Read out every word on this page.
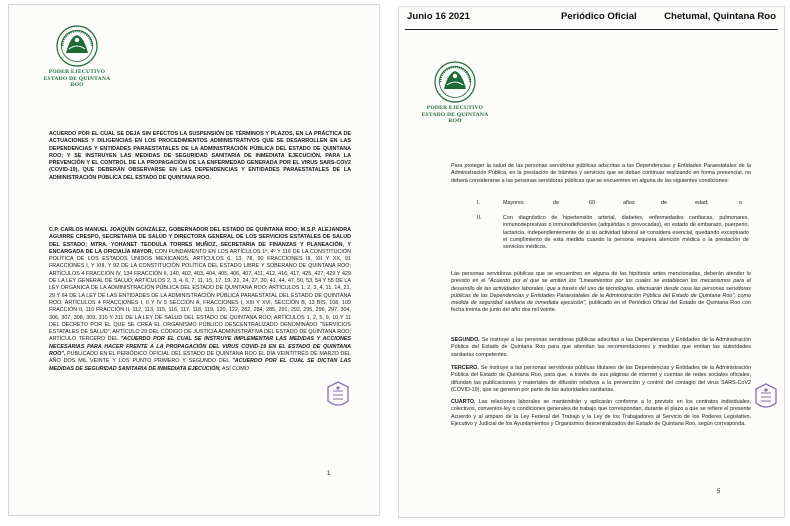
PODER EJECUTIVO
ESTADO DE QUINTANA ROO

ACUERDO POR EL CUAL SE DEJA SIN EFECTOS LA SUSPENSIÓN DE TÉRMINOS Y PLAZOS, EN LA PRÁCTICA DE ACTUACIONES Y DILIGENCIAS EN LOS PROCEDIMIENTOS ADMINISTRATIVOS QUE SE DESARROLLEN EN LAS DEPENDENCIAS Y ENTIDADES PARAESTATALES DE LA ADMINISTRACIÓN PÚBLICA DEL ESTADO DE QUINTANA ROO; Y SE INSTRUYEN LAS MEDIDAS DE SEGURIDAD SANITARIA DE INMEDIATA EJECUCIÓN, PARA LA PREVENCIÓN Y EL CONTROL DE LA PROPAGACIÓN DE LA ENFERMEDAD GENERADA POR EL VIRUS SARS-COV2 (COVID-19), QUE DEBERÁN OBSERVARSE EN LAS DEPENDENCIAS Y ENTIDADES PARAESTATALES DE LA ADMINISTRACIÓN PÚBLICA DEL ESTADO DE QUINTANA ROO.

C.P. CARLOS MANUEL JOAQUÍN GONZÁLEZ, GOBERNADOR DEL ESTADO DE QUINTANA ROO; M.S.P. ALEJANDRA AGUIRRE CRESPO, SECRETARIA DE SALUD Y DIRECTORA GENERAL DE LOS SERVICIOS ESTATALES DE SALUD DEL ESTADO; MTRA. YOHANET TEODULA TORRES MUÑOZ, SECRETARIA DE FINANZAS Y PLANEACIÓN, Y ENCARGADA DE LA OFICIALÍA MAYOR, CON FUNDAMENTO EN LOS ARTÍCULOS 1º, 4º Y 116 DE LA CONSTITUCIÓN POLÍTICA DE LOS ESTADOS UNIDOS MEXICANOS, ARTÍCULOS 6, 13, 78, 90 FRACCIONES III, XII Y XX, 91 FRACCIONES I, Y XIII, Y 92 DE LA CONSTITUCIÓN POLÍTICA DEL ESTADO LIBRE Y SOBERANO DE QUINTANA ROO; ARTÍCULOS 4 FRACCIÓN IV, 134 FRACCIÓN II, 140, 402, 403, 404, 405, 406, 407, 411, 412, 416, 417, 425, 427, 429 Y 429 DE LA LEY GENERAL DE SALUD; ARTÍCULOS 2, 3, 4, 6, 7, 11, 15, 17, 19, 21, 24, 27, 30, 41, 44, 47, 50, 53, 54 Y 55 DE LA LEY ORGÁNICA DE LA ADMINISTRACIÓN PÚBLICA DEL ESTADO DE QUINTANA ROO; ARTÍCULOS 1, 2, 3, 4, 11, 14, 21, 29 Y 64 DE LA LEY DE LAS ENTIDADES DE LA ADMINISTRACIÓN PÚBLICA PARAESTATAL DEL ESTADO DE QUINTANA ROO; ARTÍCULOS 4 FRACCIONES I, II Y IV 5 SECCIÓN A, FRACCIONES I, XIII Y XVI, SECCIÓN B, 13 BIS, 108, 109 FRACCIÓN II, 110 FRACCIÓN II, 112, 113, 115, 116, 117, 118, 119, 120, 122, 282, 284, 285, 291, 292, 295, 296, 297, 304, 306, 307, 308, 309, 310 Y 311 DE LA LEY DE SALUD DEL ESTADO DE QUINTANA ROO; ARTÍCULOS 1, 2, 5, 9, 10 Y 11 DEL DECRETO POR EL QUE SE CREA EL ORGANISMO PÚBLICO DESCENTRALIZADO DENOMINADO "SERVICIOS ESTATALES DE SALUD"; ARTÍCULO 29 DEL CÓDIGO DE JUSTICIA ADMINISTRATIVA DEL ESTADO DE QUINTANA ROO; ARTÍCULO TERCERO DEL "ACUERDO POR EL CUAL SE INSTRUYE IMPLEMENTAR LAS MEDIDAS Y ACCIONES NECESARIAS PARA HACER FRENTE A LA PROPAGACIÓN DEL VIRUS COVID-19 EN EL ESTADO DE QUINTANA ROO", PUBLICADO EN EL PERIÓDICO OFICIAL DEL ESTADO DE QUINTANA ROO EL DÍA VEINTITRÉS DE MARZO DEL AÑO DOS MIL VEINTE Y LOS PUNTO PRIMERO Y SEGUNDO DEL "ACUERDO POR EL CUAL SE DICTAN LAS MEDIDAS DE SEGURIDAD SANITARIA DE INMEDIATA EJECUCIÓN, ASÍ COMO

1
Junio 16 2021	Periódico Oficial	Chetumal, Quintana Roo
PODER EJECUTIVO
ESTADO DE QUINTANA ROO

Para proteger la salud de las personas servidoras públicas adscritas a las Dependencias y Entidades Paraestatales de la Administración Pública, en la prestación de trámites y servicios que se deban continuar realizando en forma presencial, no deberá considerarse a las personas servidoras públicas que se encuentren en alguna de las siguientes condiciones:

I.	Mayores	de	60	años	de	edad;	o
II.	Con diagnóstico de hipertensión arterial, diabetes, enfermedades cardiacas, pulmonares, inmunodepresivas o inmunodeficientes (adquiridas o provocadas), en estado de embarazo, puerperio, lactancia, independientemente de si su actividad laboral se considera esencial, quedando exceptuado el cumplimiento de esta medida cuando la persona requiera atención médica o la prestación de servicios médicos.

Las personas servidoras públicas que se encuentren en alguna de las hipótesis antes mencionadas, deberán atender lo previsto en el "Acuerdo por el que se emiten los "Lineamientos por los cuales se establecen los mecanismos para el desarrollo de las actividades laborales, que a través del uso de tecnologías, efectuarán desde casa las personas servidoras públicas de las Dependencias y Entidades Paraestatales de la Administración Pública del Estado de Quintana Roo", como medida de seguridad sanitaria de inmediata ejecución", publicado en el Periódico Oficial del Estado de Quintana Roo con fecha treinta de junio del año dos mil veinte.

SEGUNDO. Se instruye a las personas servidoras públicas adscritas a las Dependencias y Entidades de la Administración Pública del Estado de Quintana Roo para que atiendan las recomendaciones y medidas que emitan las autoridades sanitarias competentes.

TERCERO. Se instruye a las personas servidoras públicas titulares de las Dependencias y Entidades de la Administración Pública del Estado de Quintana Roo, para que, a través de sus páginas de internet y cuentas de redes sociales oficiales, difundan las publicaciones y materiales de difusión relativos a la prevención y control del contagio del virus SARS-CoV2 (COVID-19), que se generen por parte de las autoridades sanitarias.

CUARTO. Las relaciones laborales se mantendrán y aplicarán conforme a lo previsto en los contratos individuales, colectivos, convenios-ley o condiciones generales de trabajo que correspondan, durante el plazo a que se refiere el presente Acuerdo y al amparo de la Ley Federal del Trabajo y la Ley de los Trabajadores al Servicio de los Poderes Legislativo, Ejecutivo y Judicial de los Ayuntamientos y Organismos descentralizados del Estado de Quintana Roo, según corresponda.

5
